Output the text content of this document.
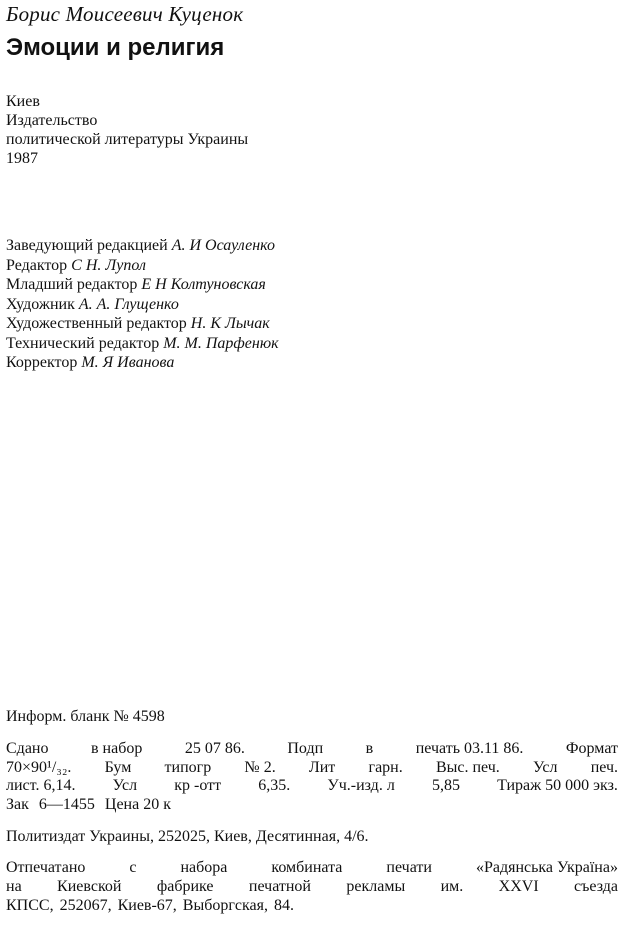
Борис Моисеевич Куценок
Эмоции и религия
Киев
Издательство
политической литературы Украины
1987
Заведующий редакцией А. И Осауленко
Редактор С Н. Лупол
Младший редактор Е Н Колтуновская
Художник А. А. Глущенко
Художественный редактор Н. К Лычак
Технический редактор М. М. Парфенюк
Корректор М. Я Иванова
Информ. бланк № 4598
Сдано	в набор	25 07 86.	Подп	в	печать 03.11 86.	Формат
70×90¹/₃₂. Бум типогр № 2. Лит гарн. Выс. печ. Усл печ.
лист. 6,14. Усл кр -отт 6,35. Уч.-изд. л 5,85 Тираж 50 000 экз.
Зак 6—1455 Цена 20 к
Политиздат Украины, 252025, Киев, Десятинная, 4/6.
Отпечатано	с	набора	комбината	печати	«Радянська Україна»
на Киевской фабрике печатной рекламы им. XXVI съезда
КПСС, 252067, Киев-67, Выборгская, 84.
